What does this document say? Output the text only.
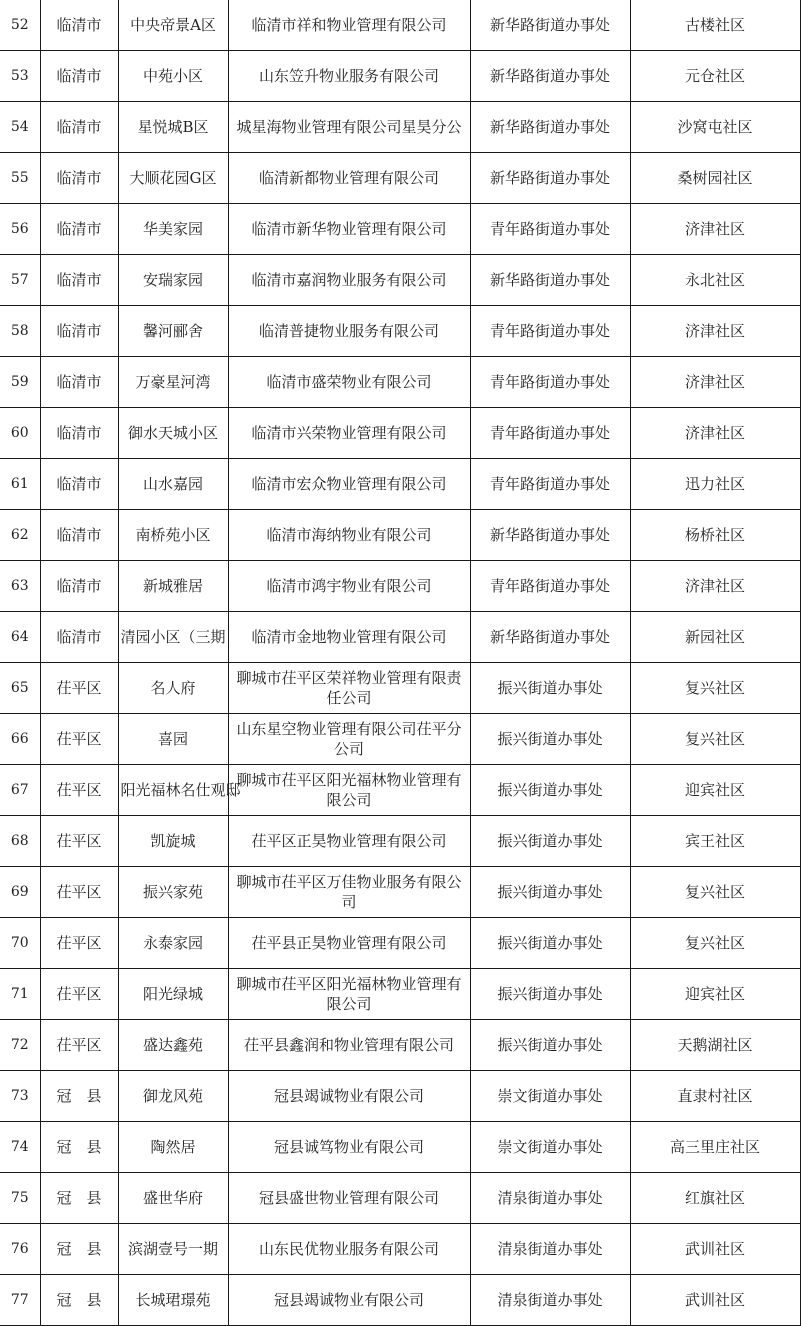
52	临清市	中央帝景A区	临清市祥和物业管理有限公司	新华路街道办事处	古楼社区
53	临清市	中苑小区	山东笠升物业服务有限公司	新华路街道办事处	元仓社区
54	临清市	星悦城B区	城星海物业管理有限公司星昊分公	新华路街道办事处	沙窝屯社区
55	临清市	大顺花园G区	临清新都物业管理有限公司	新华路街道办事处	桑树园社区
56	临清市	华美家园	临清市新华物业管理有限公司	青年路街道办事处	济津社区
57	临清市	安瑞家园	临清市嘉润物业服务有限公司	新华路街道办事处	永北社区
58	临清市	馨河郦舍	临清普捷物业服务有限公司	青年路街道办事处	济津社区
59	临清市	万豪星河湾	临清市盛荣物业有限公司	青年路街道办事处	济津社区
60	临清市	御水天城小区	临清市兴荣物业管理有限公司	青年路街道办事处	济津社区
61	临清市	山水嘉园	临清市宏众物业管理有限公司	青年路街道办事处	迅力社区
62	临清市	南桥苑小区	临清市海纳物业有限公司	新华路街道办事处	杨桥社区
63	临清市	新城雅居	临清市鸿宇物业有限公司	青年路街道办事处	济津社区
64	临清市	清园小区（三期	临清市金地物业管理有限公司	新华路街道办事处	新园社区
65	茌平区	名人府	聊城市茌平区荣祥物业管理有限责任公司	振兴街道办事处	复兴社区
66	茌平区	喜园	山东星空物业管理有限公司茌平分公司	振兴街道办事处	复兴社区
67	茌平区	阳光福林名仕观邸	聊城市茌平区阳光福林物业管理有限公司	振兴街道办事处	迎宾社区
68	茌平区	凯旋城	茌平区正昊物业管理有限公司	振兴街道办事处	宾王社区
69	茌平区	振兴家苑	聊城市茌平区万佳物业服务有限公司	振兴街道办事处	复兴社区
70	茌平区	永泰家园	茌平县正昊物业管理有限公司	振兴街道办事处	复兴社区
71	茌平区	阳光绿城	聊城市茌平区阳光福林物业管理有限公司	振兴街道办事处	迎宾社区
72	茌平区	盛达鑫苑	茌平县鑫润和物业管理有限公司	振兴街道办事处	天鹅湖社区
73	冠　县	御龙风苑	冠县竭诚物业有限公司	崇文街道办事处	直隶村社区
74	冠　县	陶然居	冠县诚笃物业有限公司	崇文街道办事处	高三里庄社区
75	冠　县	盛世华府	冠县盛世物业管理有限公司	清泉街道办事处	红旗社区
76	冠　县	滨湖壹号一期	山东民优物业服务有限公司	清泉街道办事处	武训社区
77	冠　县	长城珺璟苑	冠县竭诚物业有限公司	清泉街道办事处	武训社区
